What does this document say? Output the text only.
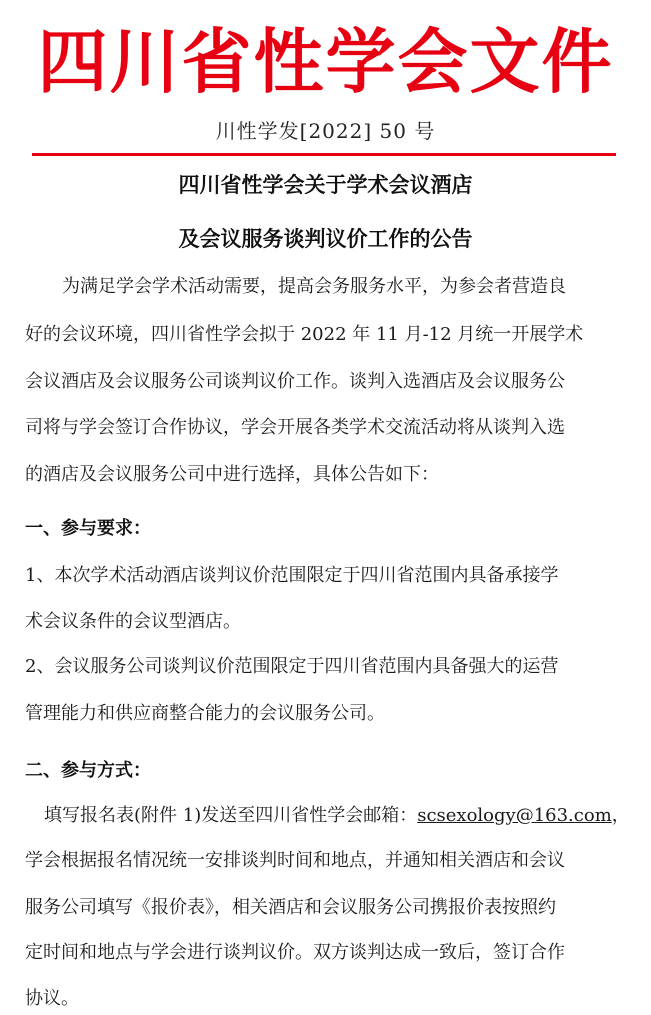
四川省性学会文件
川性学发[2022] 50 号
四川省性学会关于学术会议酒店
及会议服务谈判议价工作的公告
为满足学会学术活动需要，提高会务服务水平，为参会者营造良
好的会议环境，四川省性学会拟于 2022 年 11 月-12 月统一开展学术
会议酒店及会议服务公司谈判议价工作。谈判入选酒店及会议服务公
司将与学会签订合作协议，学会开展各类学术交流活动将从谈判入选
的酒店及会议服务公司中进行选择，具体公告如下：
一、参与要求：
1、本次学术活动酒店谈判议价范围限定于四川省范围内具备承接学
术会议条件的会议型酒店。
2、会议服务公司谈判议价范围限定于四川省范围内具备强大的运营
管理能力和供应商整合能力的会议服务公司。
二、参与方式：
填写报名表(附件 1)发送至四川省性学会邮箱：scsexology@163.com，
学会根据报名情况统一安排谈判时间和地点，并通知相关酒店和会议
服务公司填写《报价表》，相关酒店和会议服务公司携报价表按照约
定时间和地点与学会进行谈判议价。双方谈判达成一致后，签订合作
协议。
